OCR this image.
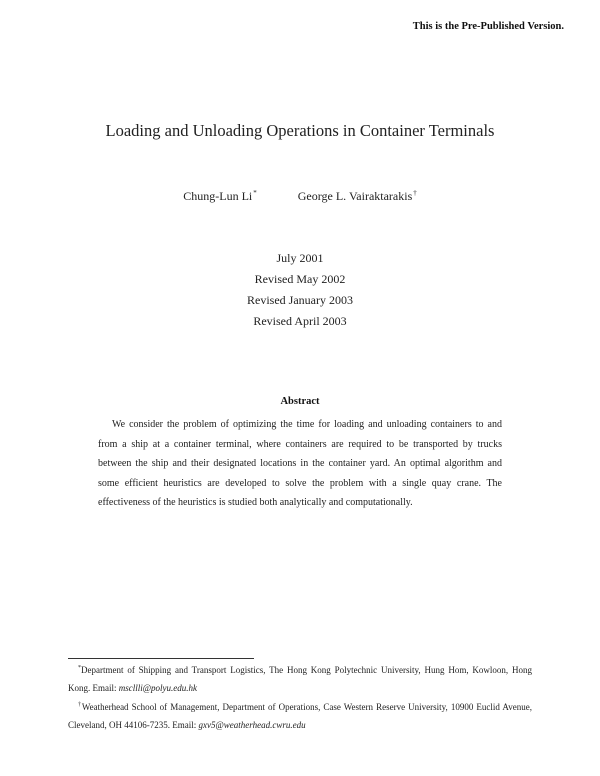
This is the Pre-Published Version.
Loading and Unloading Operations in Container Terminals
Chung-Lun Li*	George L. Vairaktarakis†
July 2001
Revised May 2002
Revised January 2003
Revised April 2003
Abstract

We consider the problem of optimizing the time for loading and unloading containers to and from a ship at a container terminal, where containers are required to be transported by trucks between the ship and their designated locations in the container yard. An optimal algorithm and some efficient heuristics are developed to solve the problem with a single quay crane. The effectiveness of the heuristics is studied both analytically and computationally.

*Department of Shipping and Transport Logistics, The Hong Kong Polytechnic University, Hung Hom, Kowloon, Hong Kong. Email: mscllli@polyu.edu.hk

†Weatherhead School of Management, Department of Operations, Case Western Reserve University, 10900 Euclid Avenue, Cleveland, OH 44106-7235. Email: gxv5@weatherhead.cwru.edu
